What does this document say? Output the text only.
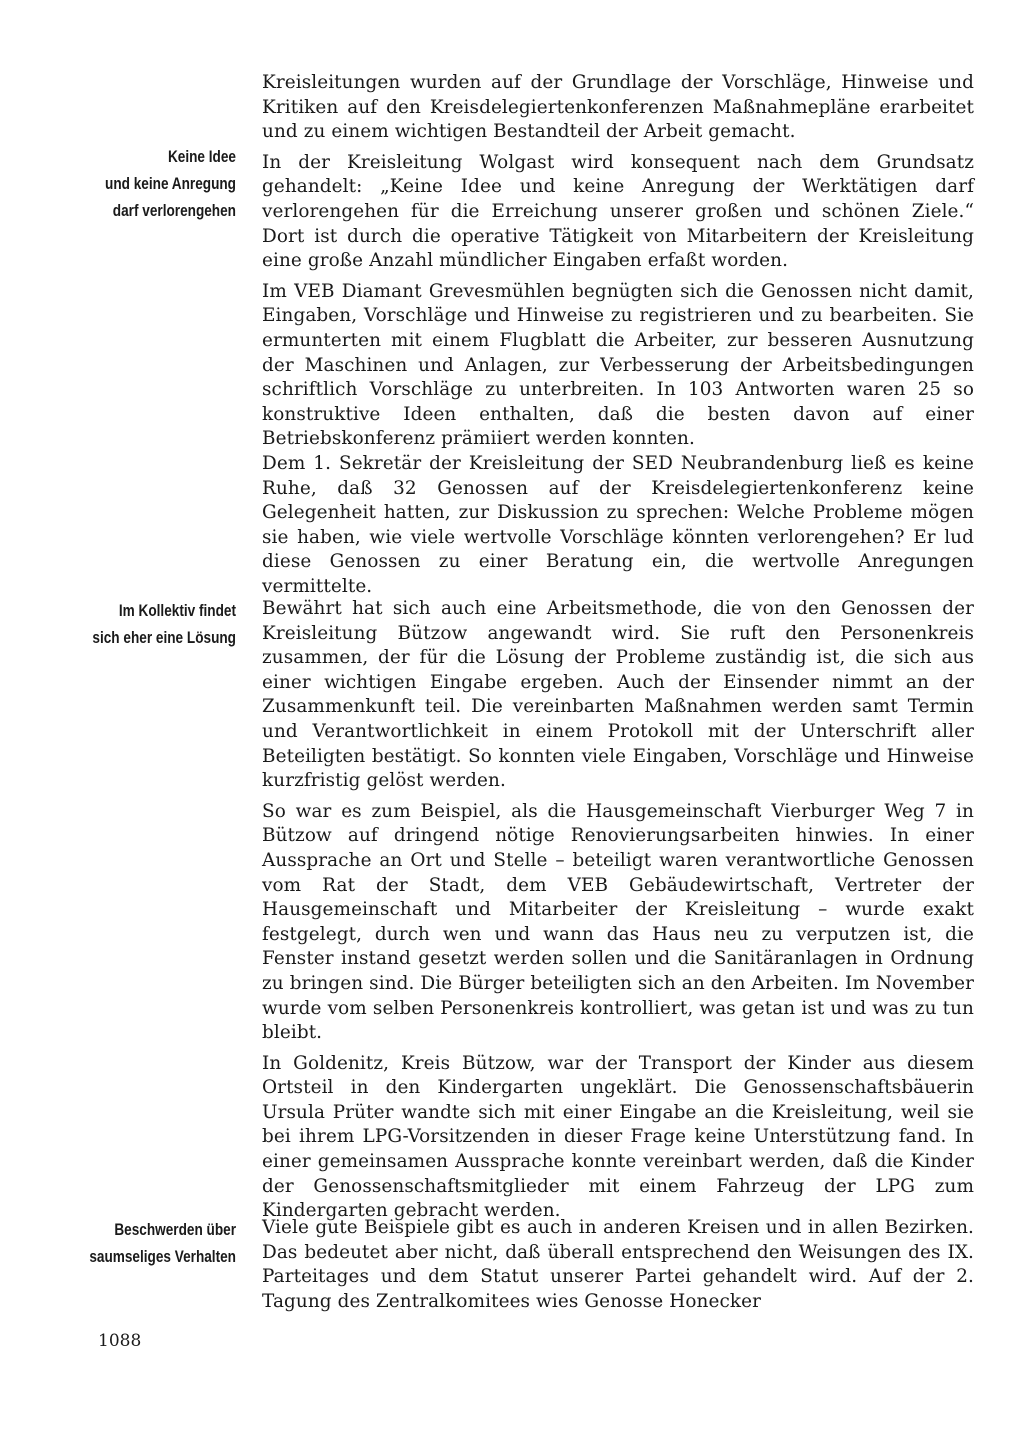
Kreisleitungen wurden auf der Grundlage der Vorschläge, Hinweise und Kritiken auf den Kreisdelegiertenkonferenzen Maßnahmepläne erarbeitet und zu einem wichtigen Bestandteil der Arbeit gemacht.

In der Kreisleitung Wolgast wird konsequent nach dem Grundsatz gehandelt: „Keine Idee und keine Anregung der Werktätigen darf verlorengehen für die Erreichung unserer großen und schönen Ziele.“ Dort ist durch die operative Tätigkeit von Mitarbeitern der Kreisleitung eine große Anzahl mündlicher Eingaben erfaßt worden.

Im VEB Diamant Grevesmühlen begnügten sich die Genossen nicht damit, Eingaben, Vorschläge und Hinweise zu registrieren und zu bearbeiten. Sie ermunterten mit einem Flugblatt die Arbeiter, zur besseren Ausnutzung der Maschinen und Anlagen, zur Verbesserung der Arbeitsbedingungen schriftlich Vorschläge zu unterbreiten. In 103 Antworten waren 25 so konstruktive Ideen enthalten, daß die besten davon auf einer Betriebskonferenz prämiiert werden konnten.

Dem 1. Sekretär der Kreisleitung der SED Neubrandenburg ließ es keine Ruhe, daß 32 Genossen auf der Kreisdelegiertenkonferenz keine Gelegenheit hatten, zur Diskussion zu sprechen: Welche Probleme mögen sie haben, wie viele wertvolle Vorschläge könnten verlorengehen? Er lud diese Genossen zu einer Beratung ein, die wertvolle Anregungen vermittelte.

Bewährt hat sich auch eine Arbeitsmethode, die von den Genossen der Kreisleitung Bützow angewandt wird. Sie ruft den Personenkreis zusammen, der für die Lösung der Probleme zuständig ist, die sich aus einer wichtigen Eingabe ergeben. Auch der Einsender nimmt an der Zusammenkunft teil. Die vereinbarten Maßnahmen werden samt Termin und Verantwortlichkeit in einem Protokoll mit der Unterschrift aller Beteiligten bestätigt. So konnten viele Eingaben, Vorschläge und Hinweise kurzfristig gelöst werden.

So war es zum Beispiel, als die Hausgemeinschaft Vierburger Weg 7 in Bützow auf dringend nötige Renovierungsarbeiten hinwies. In einer Aussprache an Ort und Stelle – beteiligt waren verantwortliche Genossen vom Rat der Stadt, dem VEB Gebäudewirtschaft, Vertreter der Hausgemeinschaft und Mitarbeiter der Kreisleitung – wurde exakt festgelegt, durch wen und wann das Haus neu zu verputzen ist, die Fenster instand gesetzt werden sollen und die Sanitäranlagen in Ordnung zu bringen sind. Die Bürger beteiligten sich an den Arbeiten. Im November wurde vom selben Personenkreis kontrolliert, was getan ist und was zu tun bleibt.

In Goldenitz, Kreis Bützow, war der Transport der Kinder aus diesem Ortsteil in den Kindergarten ungeklärt. Die Genossenschaftsbäuerin Ursula Prüter wandte sich mit einer Eingabe an die Kreisleitung, weil sie bei ihrem LPG-Vorsitzenden in dieser Frage keine Unterstützung fand. In einer gemeinsamen Aussprache konnte vereinbart werden, daß die Kinder der Genossenschaftsmitglieder mit einem Fahrzeug der LPG zum Kindergarten gebracht werden.

Viele gute Beispiele gibt es auch in anderen Kreisen und in allen Bezirken. Das bedeutet aber nicht, daß überall entsprechend den Weisungen des IX. Parteitages und dem Statut unserer Partei gehandelt wird. Auf der 2. Tagung des Zentralkomitees wies Genosse Honecker

Keine Idee
und keine Anregung
darf verlorengehen
Im Kollektiv findet
sich eher eine Lösung
Beschwerden über
saumseliges Verhalten
1088
